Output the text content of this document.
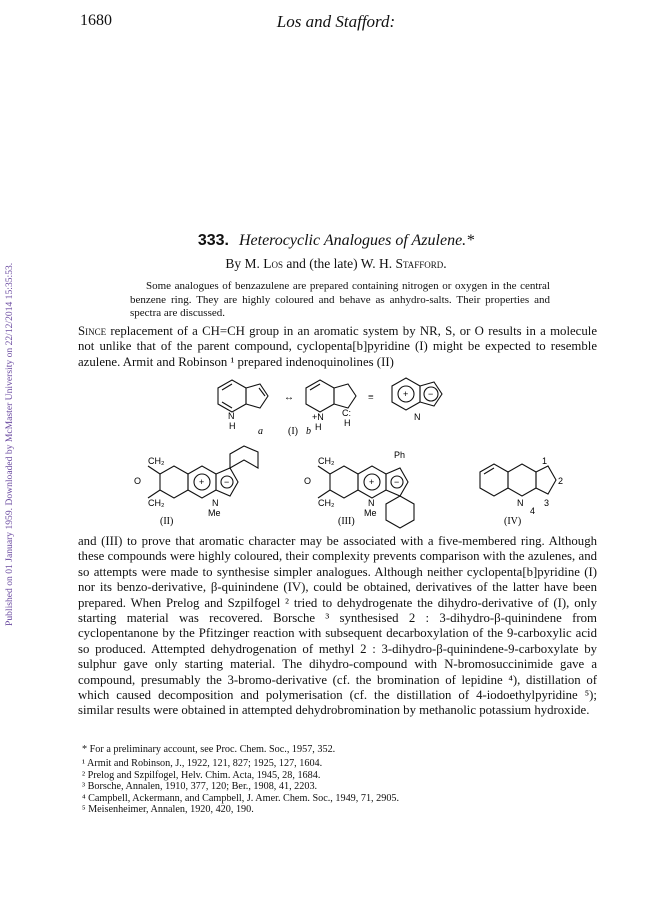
1680	Los and Stafford:
Published on 01 January 1959. Downloaded by McMaster University on 22/12/2014 15:35:53.
333. Heterocyclic Analogues of Azulene.*
By M. Los and (the late) W. H. Stafford.
Some analogues of benzazulene are prepared containing nitrogen or oxygen in the central benzene ring. They are highly coloured and behave as anhydro-salts. Their properties and spectra are discussed.
Since replacement of a CH=CH group in an aromatic system by NR, S, or O results in a molecule not unlike that of the parent compound, cyclopenta[b]pyridine (I) might be expected to resemble azulene. Armit and Robinson ¹ prepared indenoquinolines (II)
N
H a
↔
(I) b
+N
H
C:
H
≡	+ −
N
O
CH₂
CH₂
+ −
N
Me
(II)
O
CH₂
CH₂
+ −
Ph
N
Me
(III)
N
1
2
3
4
(IV)
and (III) to prove that aromatic character may be associated with a five-membered ring. Although these compounds were highly coloured, their complexity prevents comparison with the azulenes, and so attempts were made to synthesise simpler analogues. Although neither cyclopenta[b]pyridine (I) nor its benzo-derivative, β-quinindene (IV), could be obtained, derivatives of the latter have been prepared. When Prelog and Szpilfogel ² tried to dehydrogenate the dihydro-derivative of (I), only starting material was recovered. Borsche ³ synthesised 2 : 3-dihydro-β-quinindene from cyclopentanone by the Pfitzinger reaction with subsequent decarboxylation of the 9-carboxylic acid so produced. Attempted dehydrogenation of methyl 2 : 3-dihydro-β-quinindene-9-carboxylate by sulphur gave only starting material. The dihydro-compound with N-bromosuccinimide gave a compound, presumably the 3-bromo-derivative (cf. the bromination of lepidine ⁴), distillation of which caused decomposition and polymerisation (cf. the distillation of 4-iodoethylpyridine ⁵); similar results were obtained in attempted dehydrobromination by methanolic potassium hydroxide.

* For a preliminary account, see Proc. Chem. Soc., 1957, 352.

¹ Armit and Robinson, J., 1922, 121, 827; 1925, 127, 1604.

² Prelog and Szpilfogel, Helv. Chim. Acta, 1945, 28, 1684.

³ Borsche, Annalen, 1910, 377, 120; Ber., 1908, 41, 2203.

⁴ Campbell, Ackermann, and Campbell, J. Amer. Chem. Soc., 1949, 71, 2905.

⁵ Meisenheimer, Annalen, 1920, 420, 190.
